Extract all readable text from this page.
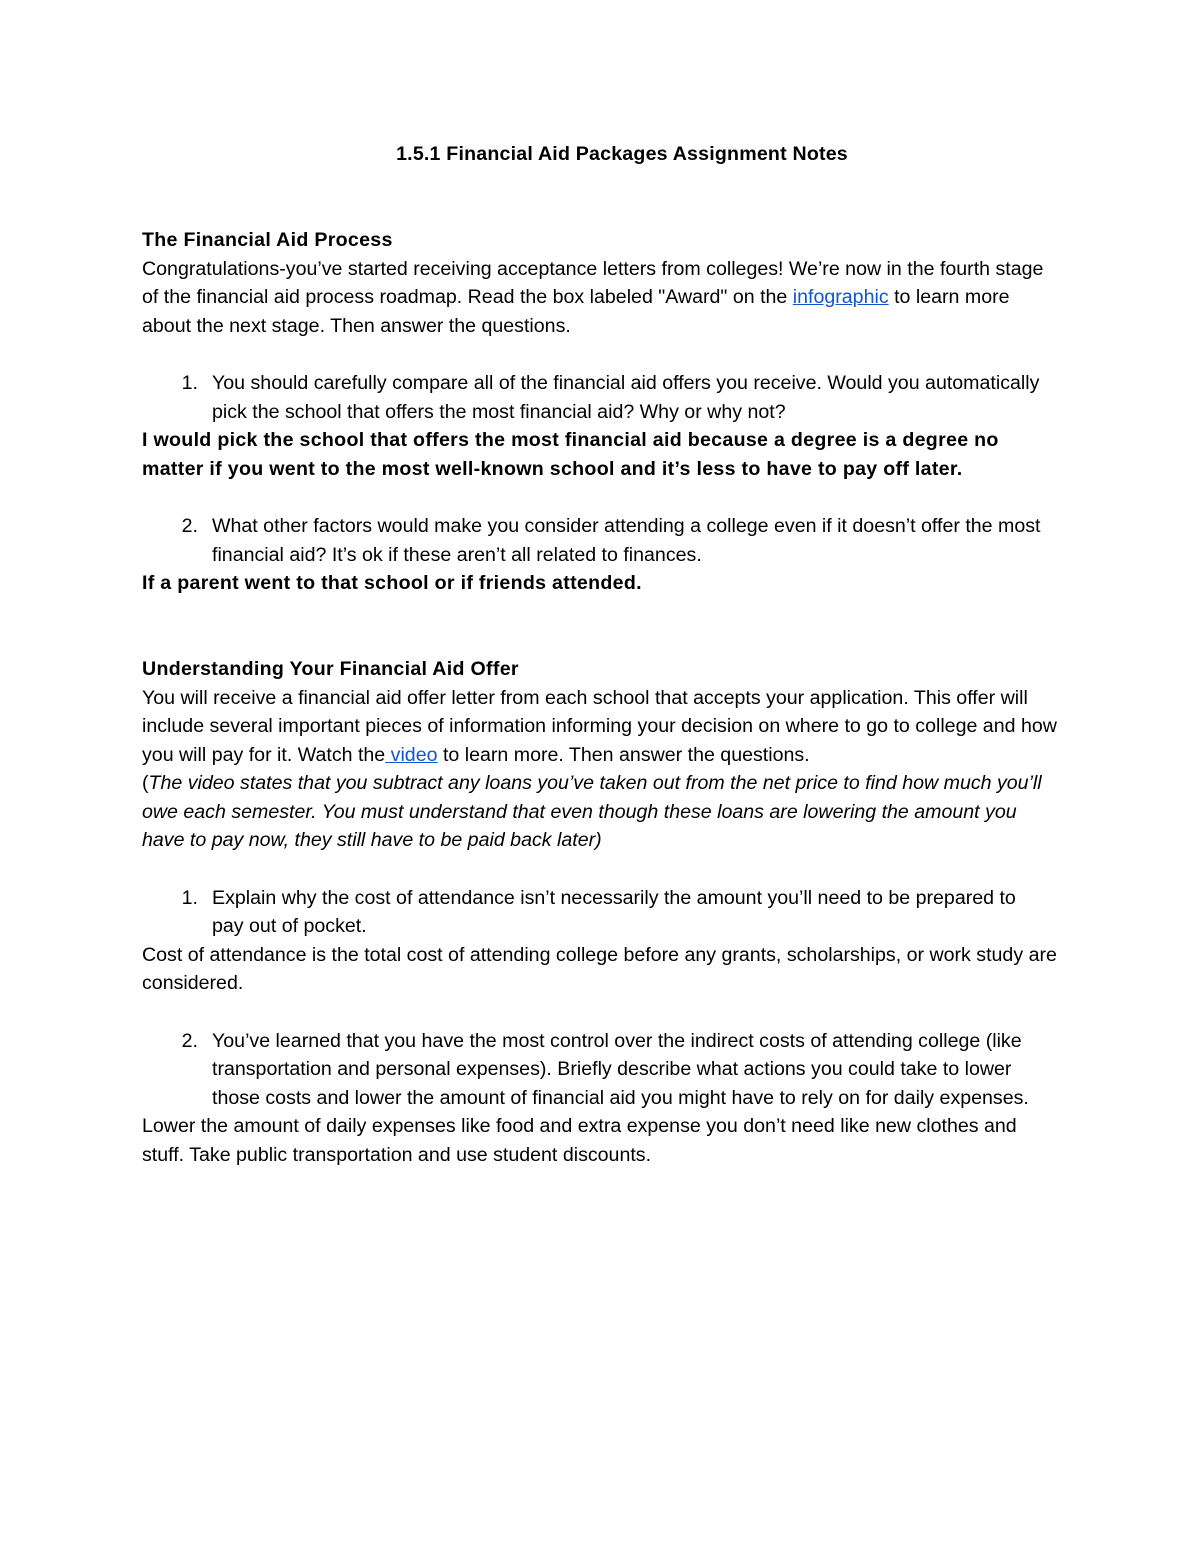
1.5.1 Financial Aid Packages Assignment Notes

The Financial Aid Process

Congratulations-you’ve started receiving acceptance letters from colleges! We’re now in the fourth stage of the financial aid process roadmap. Read the box labeled "Award" on the infographic to learn more about the next stage. Then answer the questions.

1. You should carefully compare all of the financial aid offers you receive. Would you automatically pick the school that offers the most financial aid? Why or why not?

I would pick the school that offers the most financial aid because a degree is a degree no matter if you went to the most well-known school and it’s less to have to pay off later.

2. What other factors would make you consider attending a college even if it doesn’t offer the most financial aid? It’s ok if these aren’t all related to finances.

If a parent went to that school or if friends attended.

Understanding Your Financial Aid Offer

You will receive a financial aid offer letter from each school that accepts your application. This offer will include several important pieces of information informing your decision on where to go to college and how you will pay for it. Watch the video to learn more. Then answer the questions.

(The video states that you subtract any loans you’ve taken out from the net price to find how much you’ll owe each semester. You must understand that even though these loans are lowering the amount you have to pay now, they still have to be paid back later)

1. Explain why the cost of attendance isn’t necessarily the amount you’ll need to be prepared to pay out of pocket.

Cost of attendance is the total cost of attending college before any grants, scholarships, or work study are considered.

2. You’ve learned that you have the most control over the indirect costs of attending college (like transportation and personal expenses). Briefly describe what actions you could take to lower those costs and lower the amount of financial aid you might have to rely on for daily expenses.

Lower the amount of daily expenses like food and extra expense you don’t need like new clothes and stuff. Take public transportation and use student discounts.
